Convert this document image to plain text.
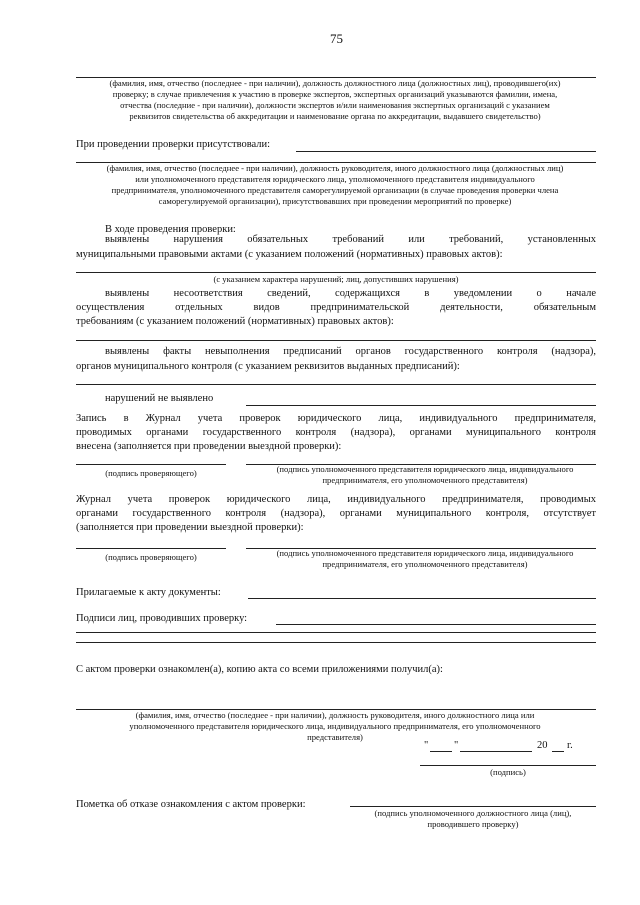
75
(фамилия, имя, отчество (последнее - при наличии), должность должностного лица (должностных лиц), проводившего(их)
проверку; в случае привлечения к участию в проверке экспертов, экспертных организаций указываются фамилии, имена,
отчества (последние - при наличии), должности экспертов и/или наименования экспертных организаций с указанием
реквизитов свидетельства об аккредитации и наименование органа по аккредитации, выдавшего свидетельство)
При проведении проверки присутствовали:
(фамилия, имя, отчество (последнее - при наличии), должность руководителя, иного должностного лица (должностных лиц)
или уполномоченного представителя юридического лица, уполномоченного представителя индивидуального
предпринимателя, уполномоченного представителя саморегулируемой организации (в случае проведения проверки члена
саморегулируемой организации), присутствовавших при проведении мероприятий по проверке)
В ходе проведения проверки:
выявлены нарушения обязательных требований или требований, установленных
муниципальными правовыми актами (с указанием положений (нормативных) правовых актов):
(с указанием характера нарушений; лиц, допустивших нарушения)
выявлены несоответствия сведений, содержащихся в уведомлении о начале
осуществления отдельных видов предпринимательской деятельности, обязательным
требованиям (с указанием положений (нормативных) правовых актов):
выявлены факты невыполнения предписаний органов государственного контроля (надзора),
органов муниципального контроля (с указанием реквизитов выданных предписаний):
нарушений не выявлено
Запись в Журнал учета проверок юридического лица, индивидуального предпринимателя,
проводимых органами государственного контроля (надзора), органами муниципального контроля
внесена (заполняется при проведении выездной проверки):
(подпись проверяющего)	(подпись уполномоченного представителя юридического лица, индивидуального
предпринимателя, его уполномоченного представителя)
Журнал учета проверок юридического лица, индивидуального предпринимателя, проводимых
органами государственного контроля (надзора), органами муниципального контроля, отсутствует
(заполняется при проведении выездной проверки):
(подпись проверяющего)	(подпись уполномоченного представителя юридического лица, индивидуального
предпринимателя, его уполномоченного представителя)
Прилагаемые к акту документы:
Подписи лиц, проводивших проверку:
С актом проверки ознакомлен(а), копию акта со всеми приложениями получил(а):
(фамилия, имя, отчество (последнее - при наличии), должность руководителя, иного должностного лица или
уполномоченного представителя юридического лица, индивидуального предпринимателя, его уполномоченного
представителя)
" "	20 г.
(подпись)
Пометка об отказе ознакомления с актом проверки:
(подпись уполномоченного должностного лица (лиц),
проводившего проверку)
